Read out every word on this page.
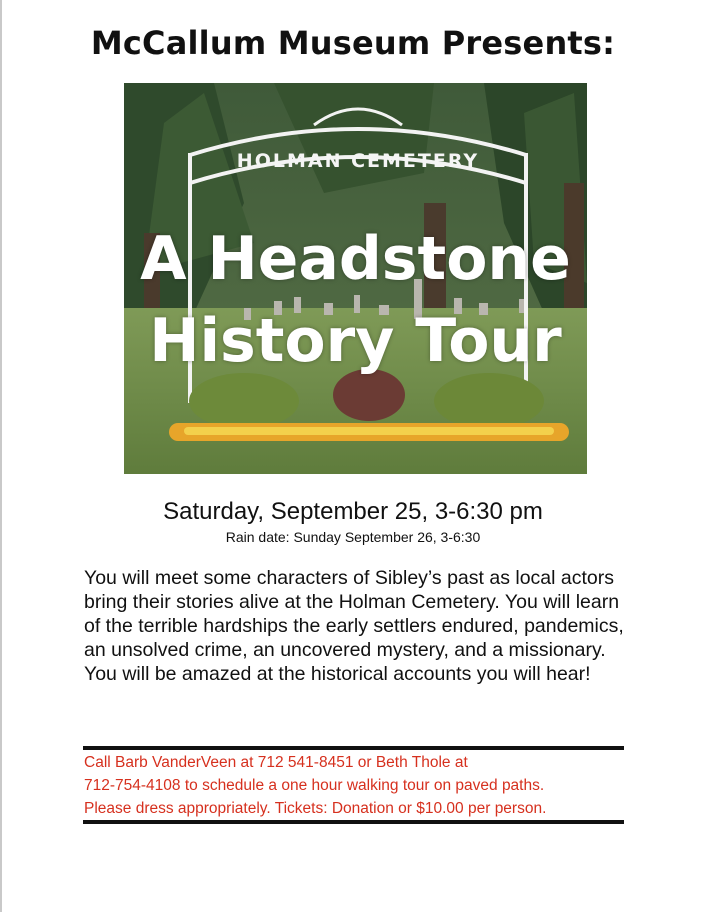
McCallum Museum Presents:
HOLMAN CEMETERY
A Headstone
History Tour
Saturday, September 25, 3-6:30 pm
Rain date: Sunday September 26, 3-6:30
You will meet some characters of Sibley’s past as local actors bring their stories alive at the Holman Cemetery. You will learn of the terrible hardships the early settlers endured, pandemics, an unsolved crime, an uncovered mystery, and a missionary. You will be amazed at the historical accounts you will hear!
Call Barb VanderVeen at 712 541-8451 or Beth Thole at
712-754-4108 to schedule a one hour walking tour on paved paths.
Please dress appropriately. Tickets: Donation or $10.00 per person.
